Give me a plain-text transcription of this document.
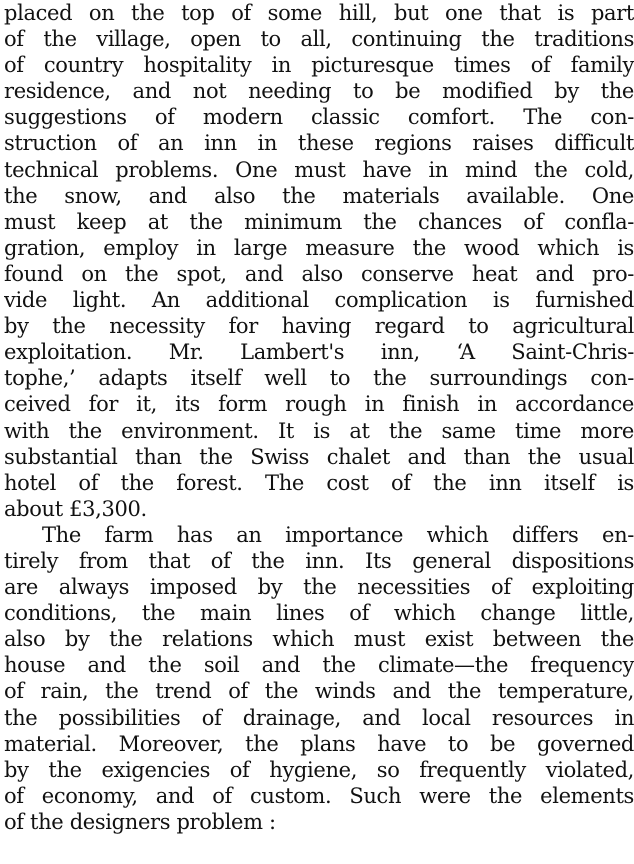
placed on the top of some hill, but one that is part
of the village, open to all, continuing the traditions
of country hospitality in picturesque times of family
residence, and not needing to be modified by the
suggestions of modern classic comfort. The con-
struction of an inn in these regions raises difficult
technical problems. One must have in mind the cold,
the snow, and also the materials available. One
must keep at the minimum the chances of confla-
gration, employ in large measure the wood which is
found on the spot, and also conserve heat and pro-
vide light. An additional complication is furnished
by the necessity for having regard to agricultural
exploitation. Mr. Lambert's inn, ‘A Saint-Chris-
tophe,’ adapts itself well to the surroundings con-
ceived for it, its form rough in finish in accordance
with the environment. It is at the same time more
substantial than the Swiss chalet and than the usual
hotel of the forest. The cost of the inn itself is
about £3,300.
The farm has an importance which differs en-
tirely from that of the inn. Its general dispositions
are always imposed by the necessities of exploiting
conditions, the main lines of which change little,
also by the relations which must exist between the
house and the soil and the climate—the frequency
of rain, the trend of the winds and the temperature,
the possibilities of drainage, and local resources in
material. Moreover, the plans have to be governed
by the exigencies of hygiene, so frequently violated,
of economy, and of custom. Such were the elements
of the designers problem :
